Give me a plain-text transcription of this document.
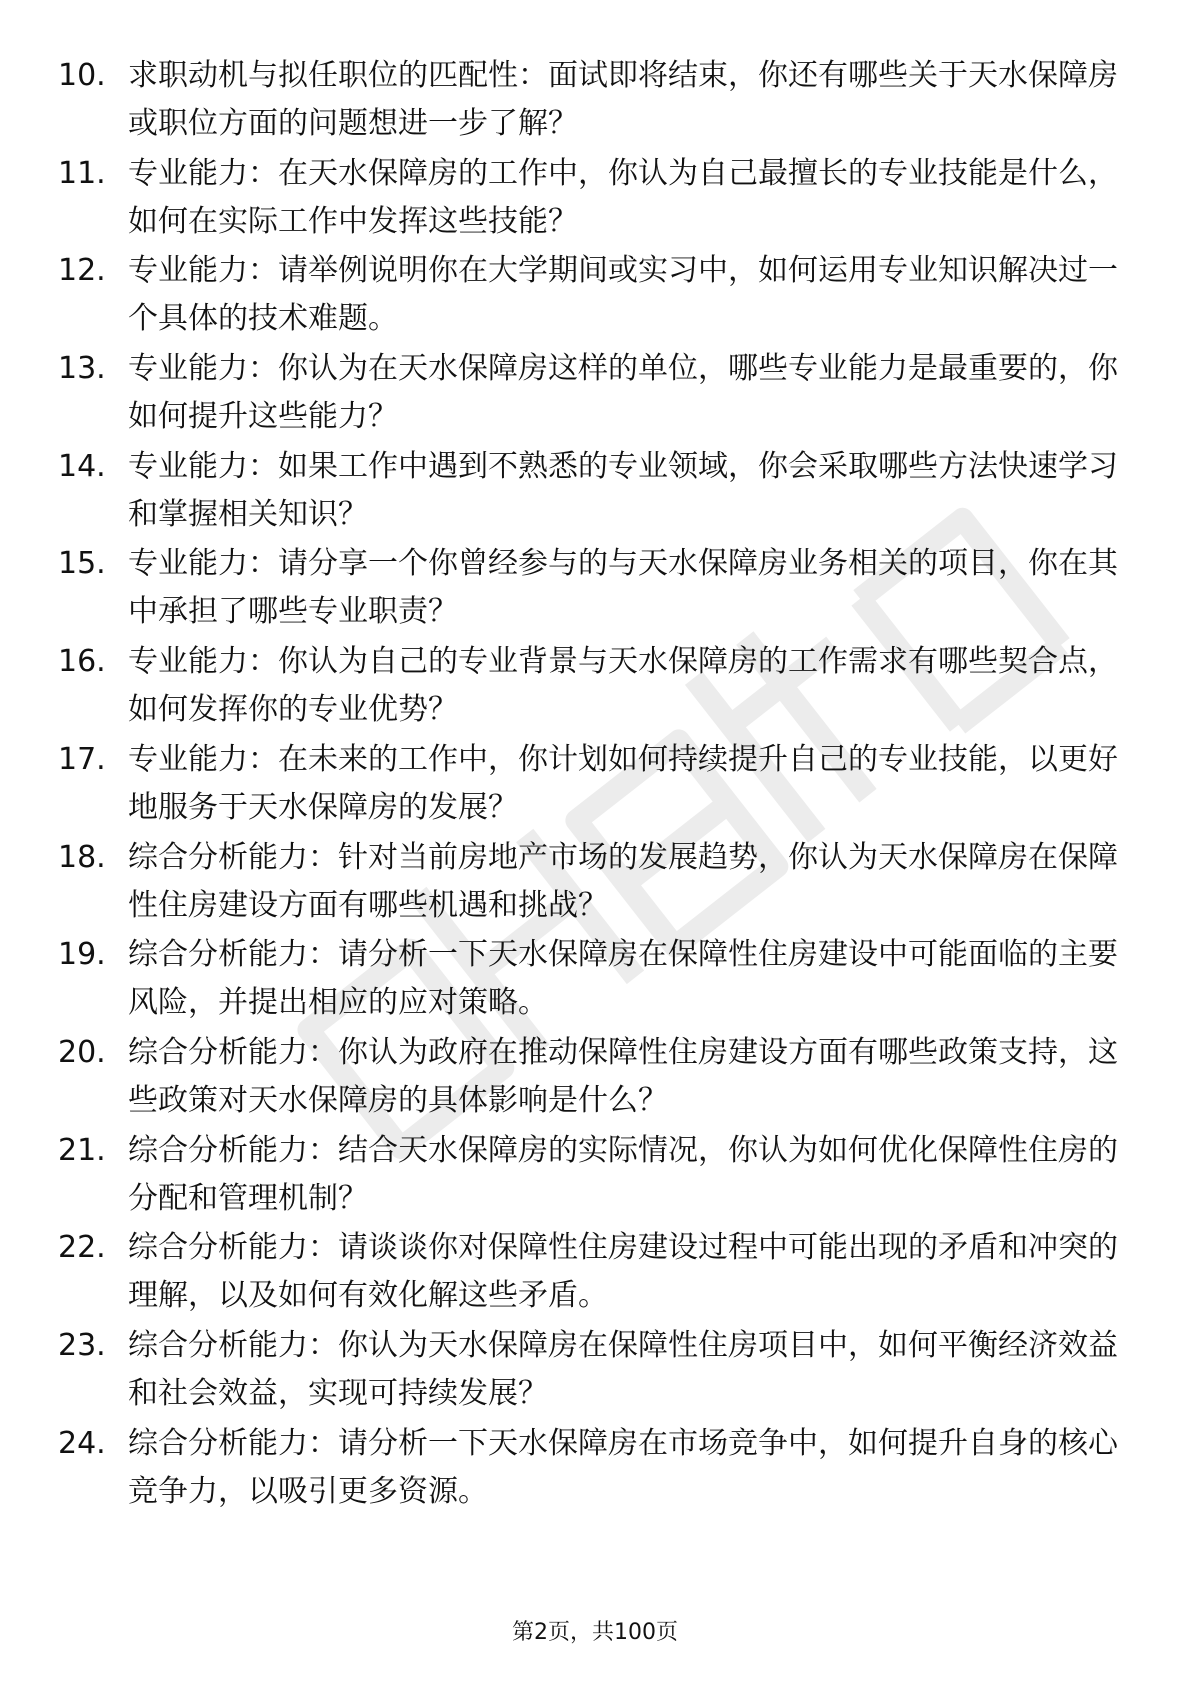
10. 求职动机与拟任职位的匹配性：面试即将结束，你还有哪些关于天水保障房或职位方面的问题想进一步了解？
11. 专业能力：在天水保障房的工作中，你认为自己最擅长的专业技能是什么，如何在实际工作中发挥这些技能？
12. 专业能力：请举例说明你在大学期间或实习中，如何运用专业知识解决过一个具体的技术难题。
13. 专业能力：你认为在天水保障房这样的单位，哪些专业能力是最重要的，你如何提升这些能力？
14. 专业能力：如果工作中遇到不熟悉的专业领域，你会采取哪些方法快速学习和掌握相关知识？
15. 专业能力：请分享一个你曾经参与的与天水保障房业务相关的项目，你在其中承担了哪些专业职责？
16. 专业能力：你认为自己的专业背景与天水保障房的工作需求有哪些契合点，如何发挥你的专业优势？
17. 专业能力：在未来的工作中，你计划如何持续提升自己的专业技能，以更好地服务于天水保障房的发展？
18. 综合分析能力：针对当前房地产市场的发展趋势，你认为天水保障房在保障性住房建设方面有哪些机遇和挑战？
19. 综合分析能力：请分析一下天水保障房在保障性住房建设中可能面临的主要风险，并提出相应的应对策略。
20. 综合分析能力：你认为政府在推动保障性住房建设方面有哪些政策支持，这些政策对天水保障房的具体影响是什么？
21. 综合分析能力：结合天水保障房的实际情况，你认为如何优化保障性住房的分配和管理机制？
22. 综合分析能力：请谈谈你对保障性住房建设过程中可能出现的矛盾和冲突的理解，以及如何有效化解这些矛盾。
23. 综合分析能力：你认为天水保障房在保障性住房项目中，如何平衡经济效益和社会效益，实现可持续发展？
24. 综合分析能力：请分析一下天水保障房在市场竞争中，如何提升自身的核心竞争力，以吸引更多资源。
第2页，共100页
